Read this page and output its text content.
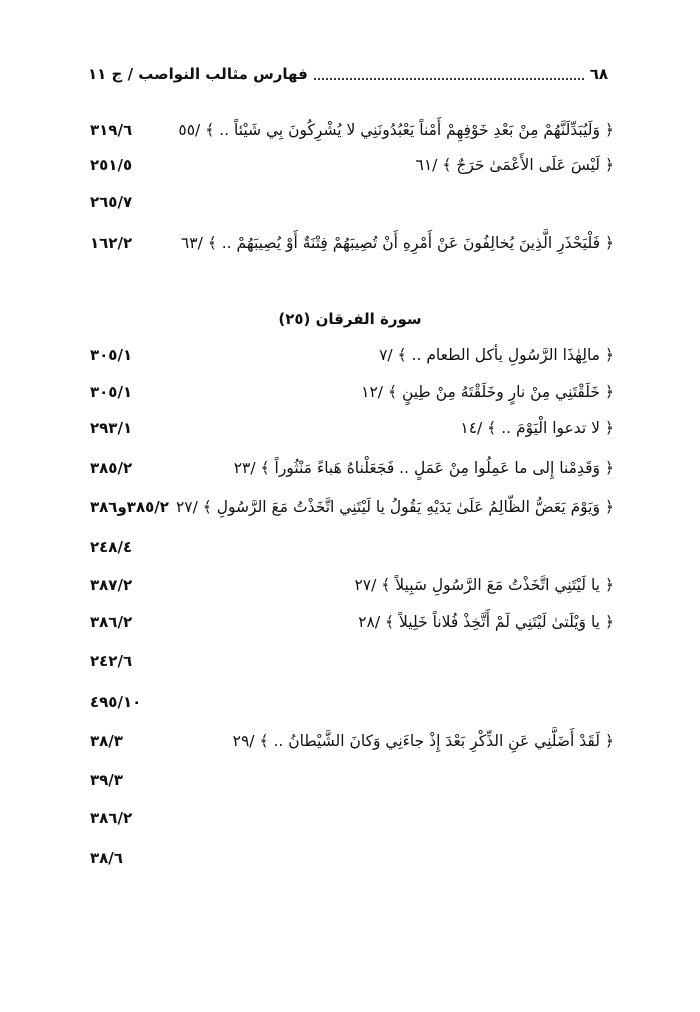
٦٨
فهارس مثالب النواصب / ج ١١
٣١٩/٦	﴿ وَلَيُبَدِّلَنَّهُمْ مِنْ بَعْدِ خَوْفِهِمْ أَمْناً يَعْبُدُونَنِي لا يُشْرِكُونَ بِي شَيْئاً .. ﴾ /٥٥
٢٥١/٥	﴿ لَيْسَ عَلَى الأَعْمَىٰ حَرَجٌ ﴾ /٦١
٢٦٥/٧
١٦٢/٢	﴿ فَلْيَحْذَرِ الَّذِينَ يُخالِفُونَ عَنْ أَمْرِهِ أَنْ تُصِيبَهُمْ فِتْنَةٌ أَوْ يُصِيبَهُمْ .. ﴾ /٦٣
سورة الفرقان (٢٥)
٣٠٥/١	﴿ مالِهٰذَا الرَّسُولِ يأكل الطعام .. ﴾ /٧
٣٠٥/١	﴿ خَلَقْتَنِي مِنْ نارٍ وخَلَقْتَهُ مِنْ طِينٍ ﴾ /١٢
٢٩٣/١	﴿ لا تدعوا الْيَوْمَ .. ﴾ /١٤
٣٨٥/٢	﴿ وَقَدِمْنا إِلى ما عَمِلُوا مِنْ عَمَلٍ .. فَجَعَلْناهُ هَباءً مَنْثُوراً ﴾ /٢٣
٣٨٥/٢و٣٨٦ ﴿ وَيَوْمَ يَعَضُّ الظّالِمُ عَلَىٰ يَدَيْهِ يَقُولُ يا لَيْتَنِي اتَّخَذْتُ مَعَ الرَّسُولِ ﴾ /٢٧
٢٤٨/٤
٣٨٧/٢	﴿ يا لَيْتَنِي اتَّخَذْتُ مَعَ الرَّسُولِ سَبِيلاً ﴾ /٢٧
٣٨٦/٢	﴿ يا وَيْلَتىٰ لَيْتَنِي لَمْ أَتَّخِذْ فُلاناً خَلِيلاً ﴾ /٢٨
٢٤٢/٦
٤٩٥/١٠
٣٨/٣	﴿ لَقَدْ أَضَلَّنِي عَنِ الذِّكْرِ بَعْدَ إِذْ جاءَنِي وَكانَ الشَّيْطانُ .. ﴾ /٢٩
٣٩/٣
٣٨٦/٢
٣٨/٦
